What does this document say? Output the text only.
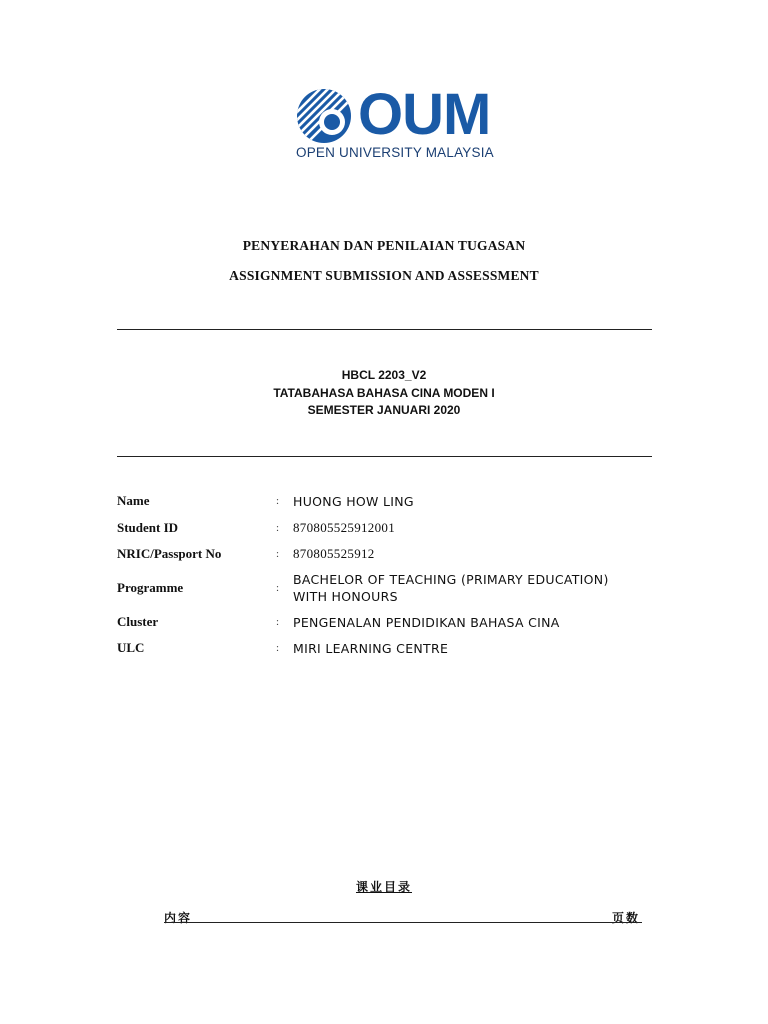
OUM
OPEN UNIVERSITY MALAYSIA
PENYERAHAN DAN PENILAIAN TUGASAN
ASSIGNMENT SUBMISSION AND ASSESSMENT
HBCL 2203_V2
TATABAHASA BAHASA CINA MODEN I
SEMESTER JANUARI 2020
Name	: HUONG HOW LING
Student ID	: 870805525912001
NRIC/Passport No	: 870805525912
Programme	:
BACHELOR OF TEACHING (PRIMARY EDUCATION) WITH HONOURS
Cluster	: PENGENALAN PENDIDIKAN BAHASA CINA
ULC	: MIRI LEARNING CENTRE
课业目录
内容	页数
